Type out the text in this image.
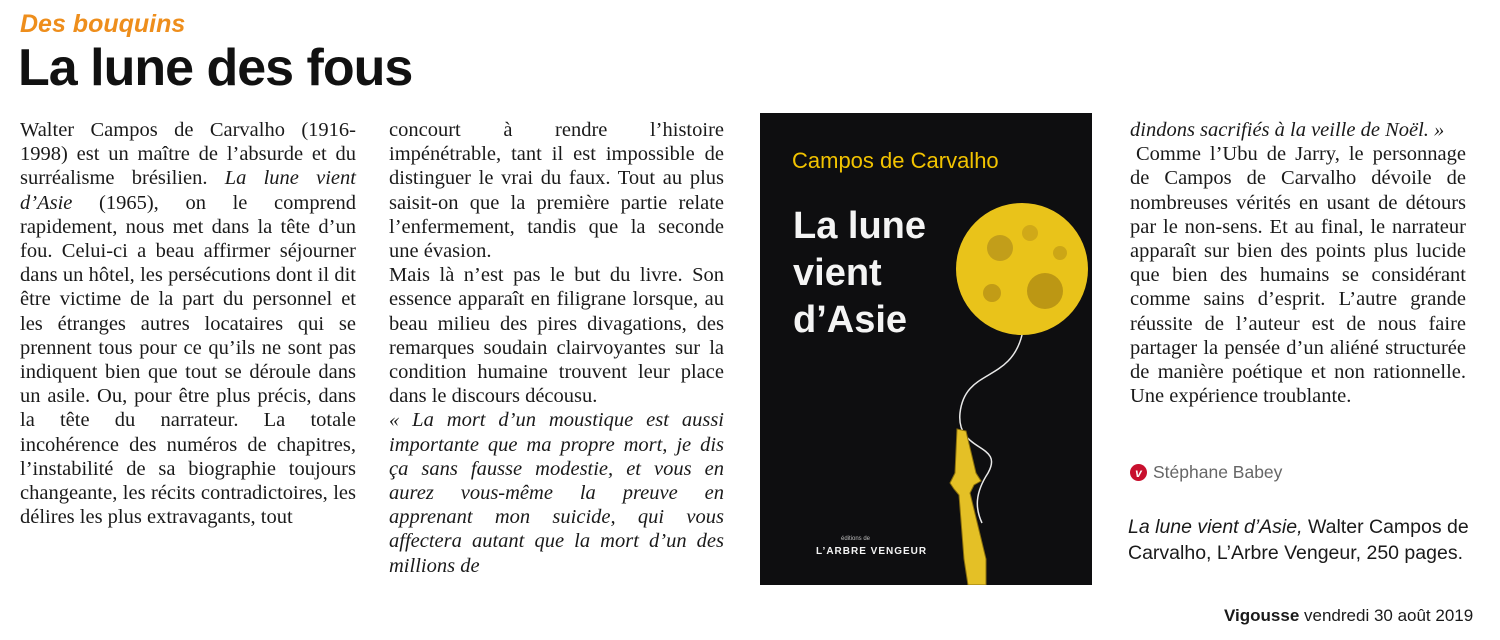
Des bouquins
La lune des fous

Walter Campos de Carvalho (1916-1998) est un maître de l’absurde et du surréalisme brésilien. La lune vient d’Asie (1965), on le comprend rapidement, nous met dans la tête d’un fou. Celui-ci a beau affirmer séjourner dans un hôtel, les persécutions dont il dit être victime de la part du personnel et les étranges autres locataires qui se prennent tous pour ce qu’ils ne sont pas indiquent bien que tout se déroule dans un asile. Ou, pour être plus précis, dans la tête du narrateur. La totale incohérence des numéros de chapitres, l’instabilité de sa biographie toujours changeante, les récits contradictoires, les délires les plus extravagants, tout

concourt à rendre l’histoire impénétrable, tant il est impossible de distinguer le vrai du faux. Tout au plus saisit-on que la première partie relate l’enfermement, tandis que la seconde une évasion.

Mais là n’est pas le but du livre. Son essence apparaît en filigrane lorsque, au beau milieu des pires divagations, des remarques soudain clairvoyantes sur la condition humaine trouvent leur place dans le discours décousu.

« La mort d’un moustique est aussi importante que ma propre mort, je dis ça sans fausse modestie, et vous en aurez vous-même la preuve en apprenant mon suicide, qui vous affectera autant que la mort d’un des millions de

Campos de Carvalho
La lune
vient
d’Asie
éditions de
L’ARBRE VENGEUR

dindons sacrifiés à la veille de Noël. »

Comme l’Ubu de Jarry, le personnage de Campos de Carvalho dévoile de nombreuses vérités en usant de détours par le non-sens. Et au final, le narrateur apparaît sur bien des points plus lucide que bien des humains se considérant comme sains d’esprit. L’autre grande réussite de l’auteur est de nous faire partager la pensée d’un aliéné structurée de manière poétique et non rationnelle. Une expérience troublante.

v Stéphane Babey
La lune vient d’Asie, Walter Campos de Carvalho, L’Arbre Vengeur, 250 pages.
Vigousse vendredi 30 août 2019
